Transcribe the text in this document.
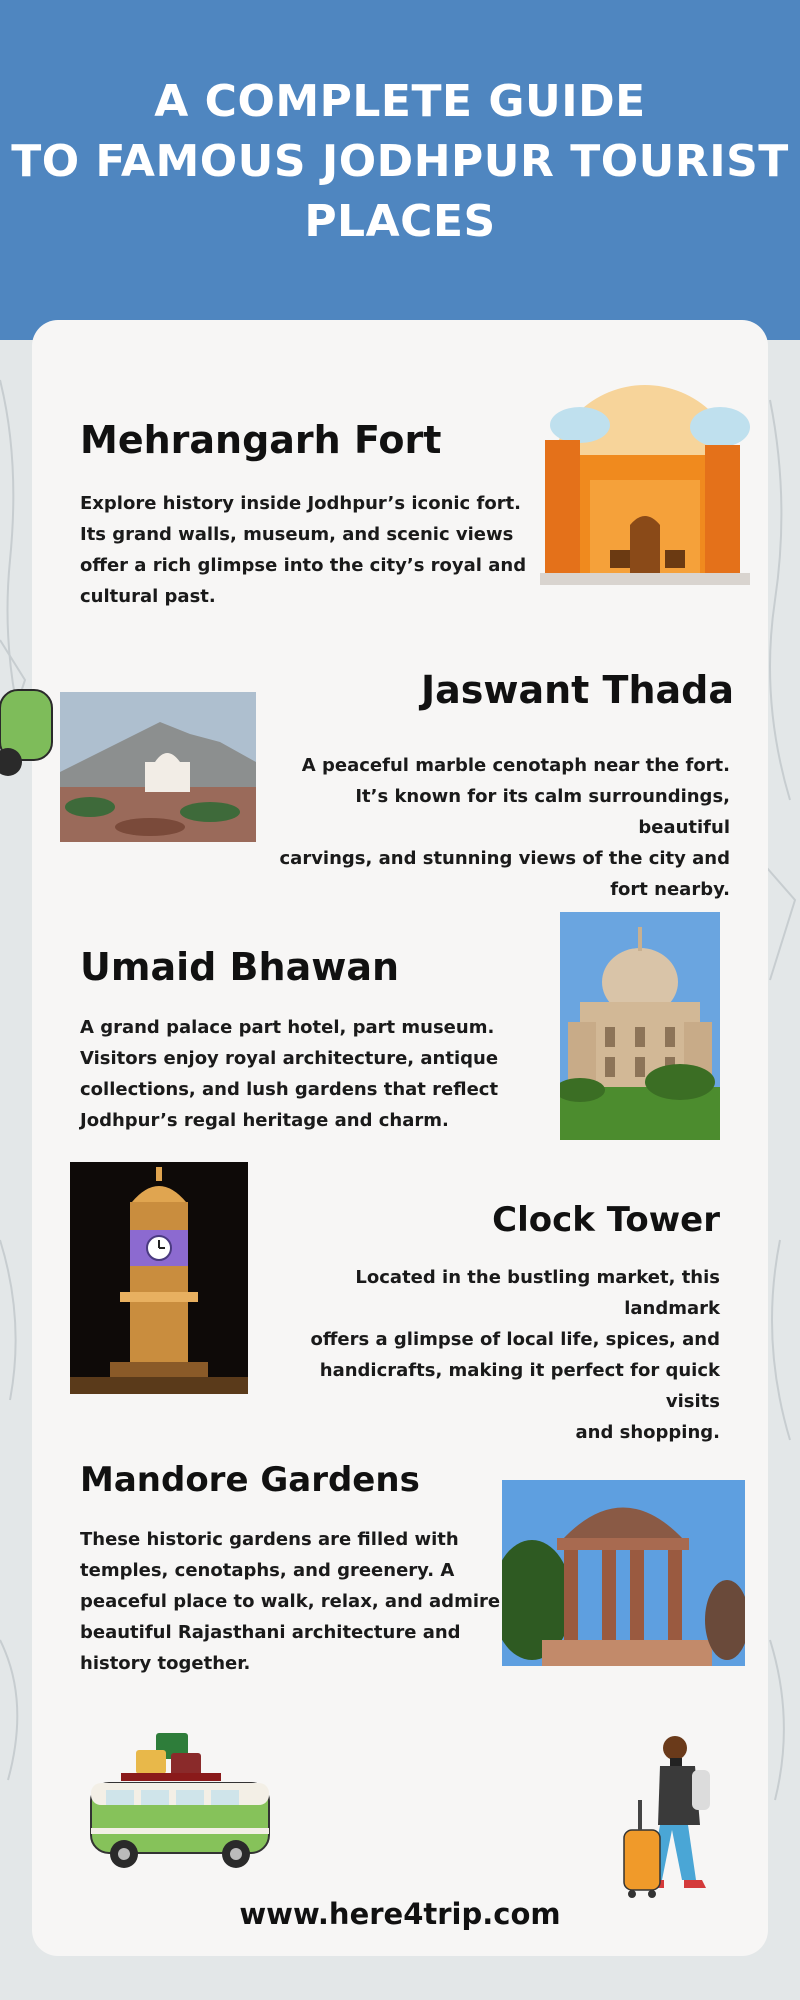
A COMPLETE GUIDE
TO FAMOUS JODHPUR TOURIST
PLACES
Mehrangarh Fort
Explore history inside Jodhpur’s iconic fort.
Its grand walls, museum, and scenic views
offer a rich glimpse into the city’s royal and
cultural past.
Jaswant Thada
A peaceful marble cenotaph near the fort.
It’s known for its calm surroundings, beautiful
carvings, and stunning views of the city and
fort nearby.
Umaid Bhawan
A grand palace part hotel, part museum.
Visitors enjoy royal architecture, antique
collections, and lush gardens that reflect
Jodhpur’s regal heritage and charm.
Clock Tower
Located in the bustling market, this landmark
offers a glimpse of local life, spices, and
handicrafts, making it perfect for quick visits
and shopping.
Mandore Gardens
These historic gardens are filled with
temples, cenotaphs, and greenery. A
peaceful place to walk, relax, and admire
beautiful Rajasthani architecture and
history together.
www.here4trip.com
